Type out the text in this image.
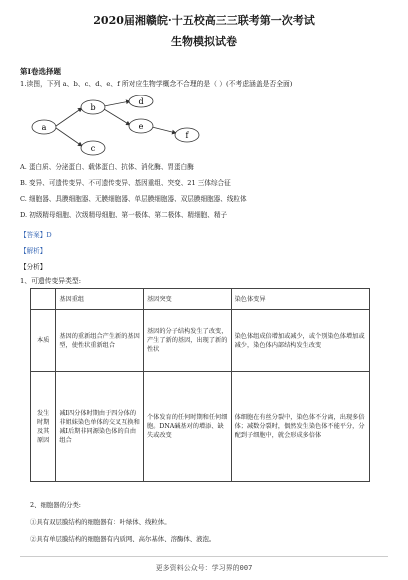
2020届湘赣皖·十五校高三三联考第一次考试
生物模拟试卷
第Ⅰ卷选择题
1.读图，下列 a、b、c、d、e、f 所对应生物学概念不合理的是（ ）(不考虑涵盖是否全面)
a
b
c
d
e
f
A. 蛋白质、分泌蛋白、载体蛋白、抗体、消化酶、胃蛋白酶
B. 变异、可遗传变异、不可遗传变异、基因重组、突变、21 三体综合征
C. 细胞器、具膜细胞器、无膜细胞器、单层膜细胞器、双层膜细胞器、线粒体
D. 初级精母细胞、次级精母细胞、第一极体、第二极体、精细胞、精子
【答案】D
【解析】
【分析】
1、可遗传变异类型:
	基因重组	基因突变	染色体变异
本质	基因的重新组合产生新的基因型，使性状重新组合	基因的分子结构发生了改变，产生了新的基因，出现了新的性状	染色体组成倍增加或减少，或个别染色体增加或减少，染色体内部结构发生改变
发生时期及其原因	减Ⅰ四分体时期由于四分体的非姐妹染色单体的交叉互换和减Ⅰ后期非同源染色体的自由组合	个体发育的任何时期和任何细胞。DNA碱基对的增添、缺失或改变	体细胞在有丝分裂中，染色体不分离，出现多倍体；减数分裂时，偶然发生染色体不能平分，分配到子细胞中，就会形成多倍体
2、细胞器的分类:
①具有双层膜结构的细胞器有：叶绿体、线粒体。
②具有单层膜结构的细胞器有内质网、高尔基体、溶酶体、液泡。
更多资料公众号：学习界的007
